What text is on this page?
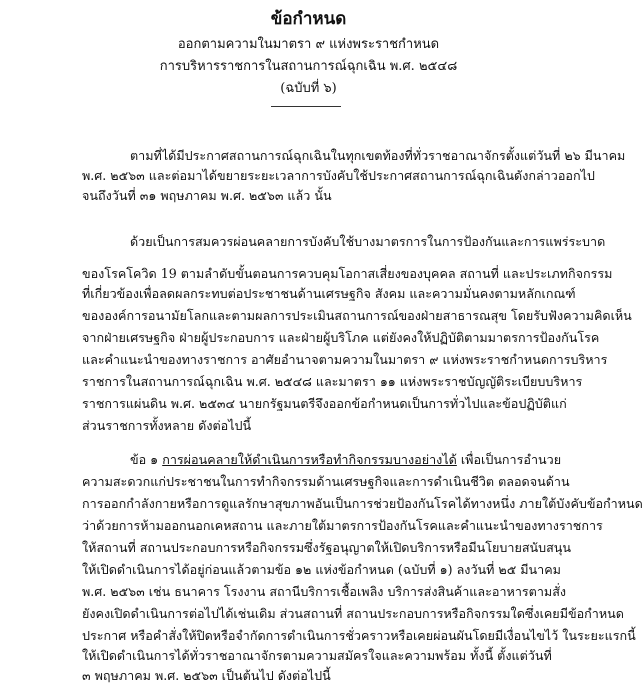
ข้อกำหนด
ออกตามความในมาตรา ๙ แห่งพระราชกำหนด
การบริหารราชการในสถานการณ์ฉุกเฉิน พ.ศ. ๒๕๔๘
(ฉบับที่ ๖)
ตามที่ได้มีประกาศสถานการณ์ฉุกเฉินในทุกเขตท้องที่ทั่วราชอาณาจักรตั้งแต่วันที่ ๒๖ มีนาคม
พ.ศ. ๒๕๖๓ และต่อมาได้ขยายระยะเวลาการบังคับใช้ประกาศสถานการณ์ฉุกเฉินดังกล่าวออกไป
จนถึงวันที่ ๓๑ พฤษภาคม พ.ศ. ๒๕๖๓ แล้ว นั้น
ด้วยเป็นการสมควรผ่อนคลายการบังคับใช้บางมาตรการในการป้องกันและการแพร่ระบาด
ของโรคโควิด 19 ตามลำดับขั้นตอนการควบคุมโอกาสเสี่ยงของบุคคล สถานที่ และประเภทกิจกรรม
ที่เกี่ยวข้องเพื่อลดผลกระทบต่อประชาชนด้านเศรษฐกิจ สังคม และความมั่นคงตามหลักเกณฑ์
ขององค์การอนามัยโลกและตามผลการประเมินสถานการณ์ของฝ่ายสาธารณสุข โดยรับฟังความคิดเห็น
จากฝ่ายเศรษฐกิจ ฝ่ายผู้ประกอบการ และฝ่ายผู้บริโภค แต่ยังคงให้ปฏิบัติตามมาตรการป้องกันโรค
และคำแนะนำของทางราชการ อาศัยอำนาจตามความในมาตรา ๙ แห่งพระราชกำหนดการบริหาร
ราชการในสถานการณ์ฉุกเฉิน พ.ศ. ๒๕๔๘ และมาตรา ๑๑ แห่งพระราชบัญญัติระเบียบบริหาร
ราชการแผ่นดิน พ.ศ. ๒๕๓๔ นายกรัฐมนตรีจึงออกข้อกำหนดเป็นการทั่วไปและข้อปฏิบัติแก่
ส่วนราชการทั้งหลาย ดังต่อไปนี้
ข้อ ๑ การผ่อนคลายให้ดำเนินการหรือทำกิจกรรมบางอย่างได้ เพื่อเป็นการอำนวย
ความสะดวกแก่ประชาชนในการทำกิจกรรมด้านเศรษฐกิจและการดำเนินชีวิต ตลอดจนด้าน
การออกกำลังกายหรือการดูแลรักษาสุขภาพอันเป็นการช่วยป้องกันโรคได้ทางหนึ่ง ภายใต้บังคับข้อกำหนด
ว่าด้วยการห้ามออกนอกเคหสถาน และภายใต้มาตรการป้องกันโรคและคำแนะนำของทางราชการ
ให้สถานที่ สถานประกอบการหรือกิจกรรมซึ่งรัฐอนุญาตให้เปิดบริการหรือมีนโยบายสนับสนุน
ให้เปิดดำเนินการได้อยู่ก่อนแล้วตามข้อ ๑๒ แห่งข้อกำหนด (ฉบับที่ ๑) ลงวันที่ ๒๕ มีนาคม
พ.ศ. ๒๕๖๓ เช่น ธนาคาร โรงงาน สถานีบริการเชื้อเพลิง บริการส่งสินค้าและอาหารตามสั่ง
ยังคงเปิดดำเนินการต่อไปได้เช่นเดิม ส่วนสถานที่ สถานประกอบการหรือกิจกรรมใดซึ่งเคยมีข้อกำหนด
ประกาศ หรือคำสั่งให้ปิดหรือจำกัดการดำเนินการชั่วคราวหรือเคยผ่อนผันโดยมีเงื่อนไขไว้ ในระยะแรกนี้
ให้เปิดดำเนินการได้ทั่วราชอาณาจักรตามความสมัครใจและความพร้อม ทั้งนี้ ตั้งแต่วันที่
๓ พฤษภาคม พ.ศ. ๒๕๖๓ เป็นต้นไป ดังต่อไปนี้
